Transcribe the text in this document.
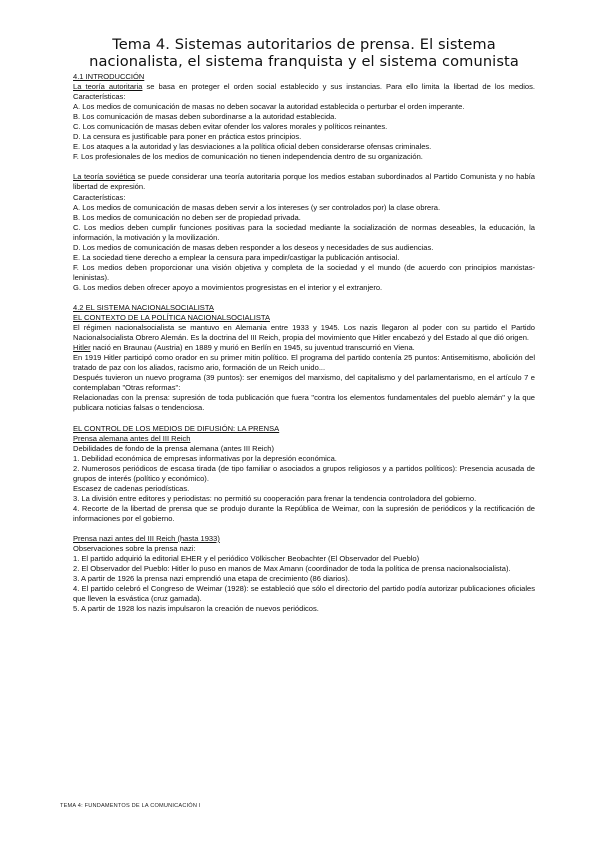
Tema 4. Sistemas autoritarios de prensa. El sistema
nacionalista, el sistema franquista y el sistema comunista

4.1 INTRODUCCIÓN

La teoría autoritaria se basa en proteger el orden social establecido y sus instancias. Para ello limita la libertad de los medios. Características:

A. Los medios de comunicación de masas no deben socavar la autoridad establecida o perturbar el orden imperante.

B. Los comunicación de masas deben subordinarse a la autoridad establecida.

C. Los comunicación de masas deben evitar ofender los valores morales y políticos reinantes.

D. La censura es justificable para poner en práctica estos principios.

E. Los ataques a la autoridad y las desviaciones a la política oficial deben considerarse ofensas criminales.

F. Los profesionales de los medios de comunicación no tienen independencia dentro de su organización.

La teoría soviética se puede considerar una teoría autoritaria porque los medios estaban subordinados al Partido Comunista y no había libertad de expresión.

Características:

A. Los medios de comunicación de masas deben servir a los intereses (y ser controlados por) la clase obrera.

B. Los medios de comunicación no deben ser de propiedad privada.

C. Los medios deben cumplir funciones positivas para la sociedad mediante la socialización de normas deseables, la educación, la información, la motivación y la movilización.

D. Los medios de comunicación de masas deben responder a los deseos y necesidades de sus audiencias.

E. La sociedad tiene derecho a emplear la censura para impedir/castigar la publicación antisocial.

F. Los medios deben proporcionar una visión objetiva y completa de la sociedad y el mundo (de acuerdo con principios marxistas- leninistas).

G. Los medios deben ofrecer apoyo a movimientos progresistas en el interior y el extranjero.

4.2 EL SISTEMA NACIONALSOCIALISTA

EL CONTEXTO DE LA POLÍTICA NACIONALSOCIALISTA

El régimen nacionalsocialista se mantuvo en Alemania entre 1933 y 1945. Los nazis llegaron al poder con su partido el Partido Nacionalsocialista Obrero Alemán. Es la doctrina del III Reich, propia del movimiento que Hitler encabezó y del Estado al que dió origen.

Hitler nació en Braunau (Austria) en 1889 y murió en Berlín en 1945, su juventud transcurrió en Viena.

En 1919 Hitler participó como orador en su primer mitin político. El programa del partido contenía 25 puntos: Antisemitismo, abolición del tratado de paz con los aliados, racismo ario, formación de un Reich unido...

Después tuvieron un nuevo programa (39 puntos): ser enemigos del marxismo, del capitalismo y del parlamentarismo, en el artículo 7 e contemplaban "Otras reformas":

Relacionadas con la prensa: supresión de toda publicación que fuera "contra los elementos fundamentales del pueblo alemán" y la que publicara noticias falsas o tendenciosa.

EL CONTROL DE LOS MEDIOS DE DIFUSIÓN: LA PRENSA

Prensa alemana antes del III Reich

Debilidades de fondo de la prensa alemana (antes III Reich)

1. Debilidad económica de empresas informativas por la depresión económica.

2. Numerosos periódicos de escasa tirada (de tipo familiar o asociados a grupos religiosos y a partidos políticos): Presencia acusada de grupos de interés (político y económico).

Escasez de cadenas periodísticas.

3. La división entre editores y periodistas: no permitió su cooperación para frenar la tendencia controladora del gobierno.

4. Recorte de la libertad de prensa que se produjo durante la República de Weimar, con la supresión de periódicos y la rectificación de informaciones por el gobierno.

Prensa nazi antes del III Reich (hasta 1933)

Observaciones sobre la prensa nazi:

1. El partido adquirió la editorial EHER y el periódico Völkischer Beobachter (El Observador del Pueblo)

2. El Observador del Pueblo: Hitler lo puso en manos de Max Amann (coordinador de toda la política de prensa nacionalsocialista).

3. A partir de 1926 la prensa nazi emprendió una etapa de crecimiento (86 diarios).

4. El partido celebró el Congreso de Weimar (1928): se estableció que sólo el directorio del partido podía autorizar publicaciones oficiales que lleven la esvástica (cruz gamada).

5. A partir de 1928 los nazis impulsaron la creación de nuevos periódicos.

TEMA 4: FUNDAMENTOS DE LA COMUNICACIÓN I
